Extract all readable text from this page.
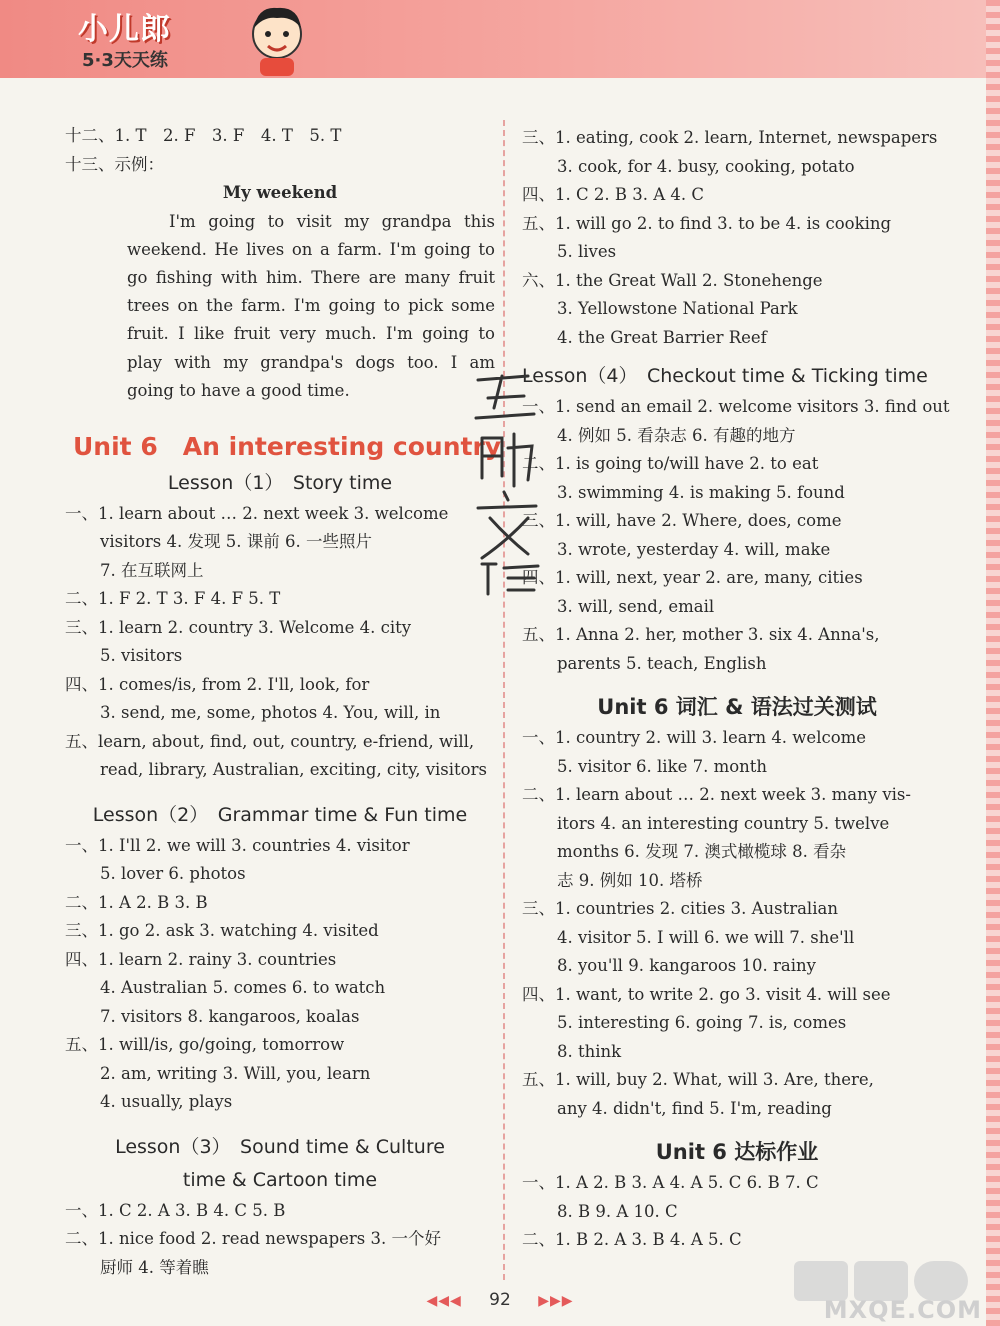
小儿郎
5·3天天练
十二、1. T　2. F　3. F　4. T　5. T
十三、示例：
My weekend
I'm going to visit my grandpa this weekend. He lives on a farm. I'm going to go fishing with him. There are many fruit trees on the farm. I'm going to pick some fruit. I like fruit very much. I'm going to play with my grandpa's dogs too. I am going to have a good time.
Unit 6　An interesting country
Lesson（1）　Story time
一、1. learn about … 2. next week 3. welcome
visitors 4. 发现 5. 课前 6. 一些照片
7. 在互联网上
二、1. F 2. T 3. F 4. F 5. T
三、1. learn 2. country 3. Welcome 4. city
5. visitors
四、1. comes/is, from 2. I'll, look, for
3. send, me, some, photos 4. You, will, in
五、learn, about, find, out, country, e-friend, will,
read, library, Australian, exciting, city, visitors
Lesson（2）　Grammar time & Fun time
一、1. I'll 2. we will 3. countries 4. visitor
5. lover 6. photos
二、1. A 2. B 3. B
三、1. go 2. ask 3. watching 4. visited
四、1. learn 2. rainy 3. countries
4. Australian 5. comes 6. to watch
7. visitors 8. kangaroos, koalas
五、1. will/is, go/going, tomorrow
2. am, writing 3. Will, you, learn
4. usually, plays
Lesson（3）　Sound time & Culture
time & Cartoon time
一、1. C 2. A 3. B 4. C 5. B
二、1. nice food 2. read newspapers 3. 一个好
厨师 4. 等着瞧
三、1. eating, cook 2. learn, Internet, newspapers
3. cook, for 4. busy, cooking, potato
四、1. C 2. B 3. A 4. C
五、1. will go 2. to find 3. to be 4. is cooking
5. lives
六、1. the Great Wall 2. Stonehenge
3. Yellowstone National Park
4. the Great Barrier Reef
Lesson（4）　Checkout time & Ticking time
一、1. send an email 2. welcome visitors 3. find out
4. 例如 5. 看杂志 6. 有趣的地方
二、1. is going to/will have 2. to eat
3. swimming 4. is making 5. found
三、1. will, have 2. Where, does, come
3. wrote, yesterday 4. will, make
四、1. will, next, year 2. are, many, cities
3. will, send, email
五、1. Anna 2. her, mother 3. six 4. Anna's,
parents 5. teach, English
Unit 6 词汇 & 语法过关测试
一、1. country 2. will 3. learn 4. welcome
5. visitor 6. like 7. month
二、1. learn about … 2. next week 3. many vis-
itors 4. an interesting country 5. twelve
months 6. 发现 7. 澳式橄榄球 8. 看杂
志 9. 例如 10. 塔桥
三、1. countries 2. cities 3. Australian
4. visitor 5. I will 6. we will 7. she'll
8. you'll 9. kangaroos 10. rainy
四、1. want, to write 2. go 3. visit 4. will see
5. interesting 6. going 7. is, comes
8. think
五、1. will, buy 2. What, will 3. Are, there,
any 4. didn't, find 5. I'm, reading
Unit 6 达标作业
一、1. A 2. B 3. A 4. A 5. C 6. B 7. C
8. B 9. A 10. C
二、1. B 2. A 3. B 4. A 5. C
◀◀◀ 92 ▶▶▶	MXQE.COM
